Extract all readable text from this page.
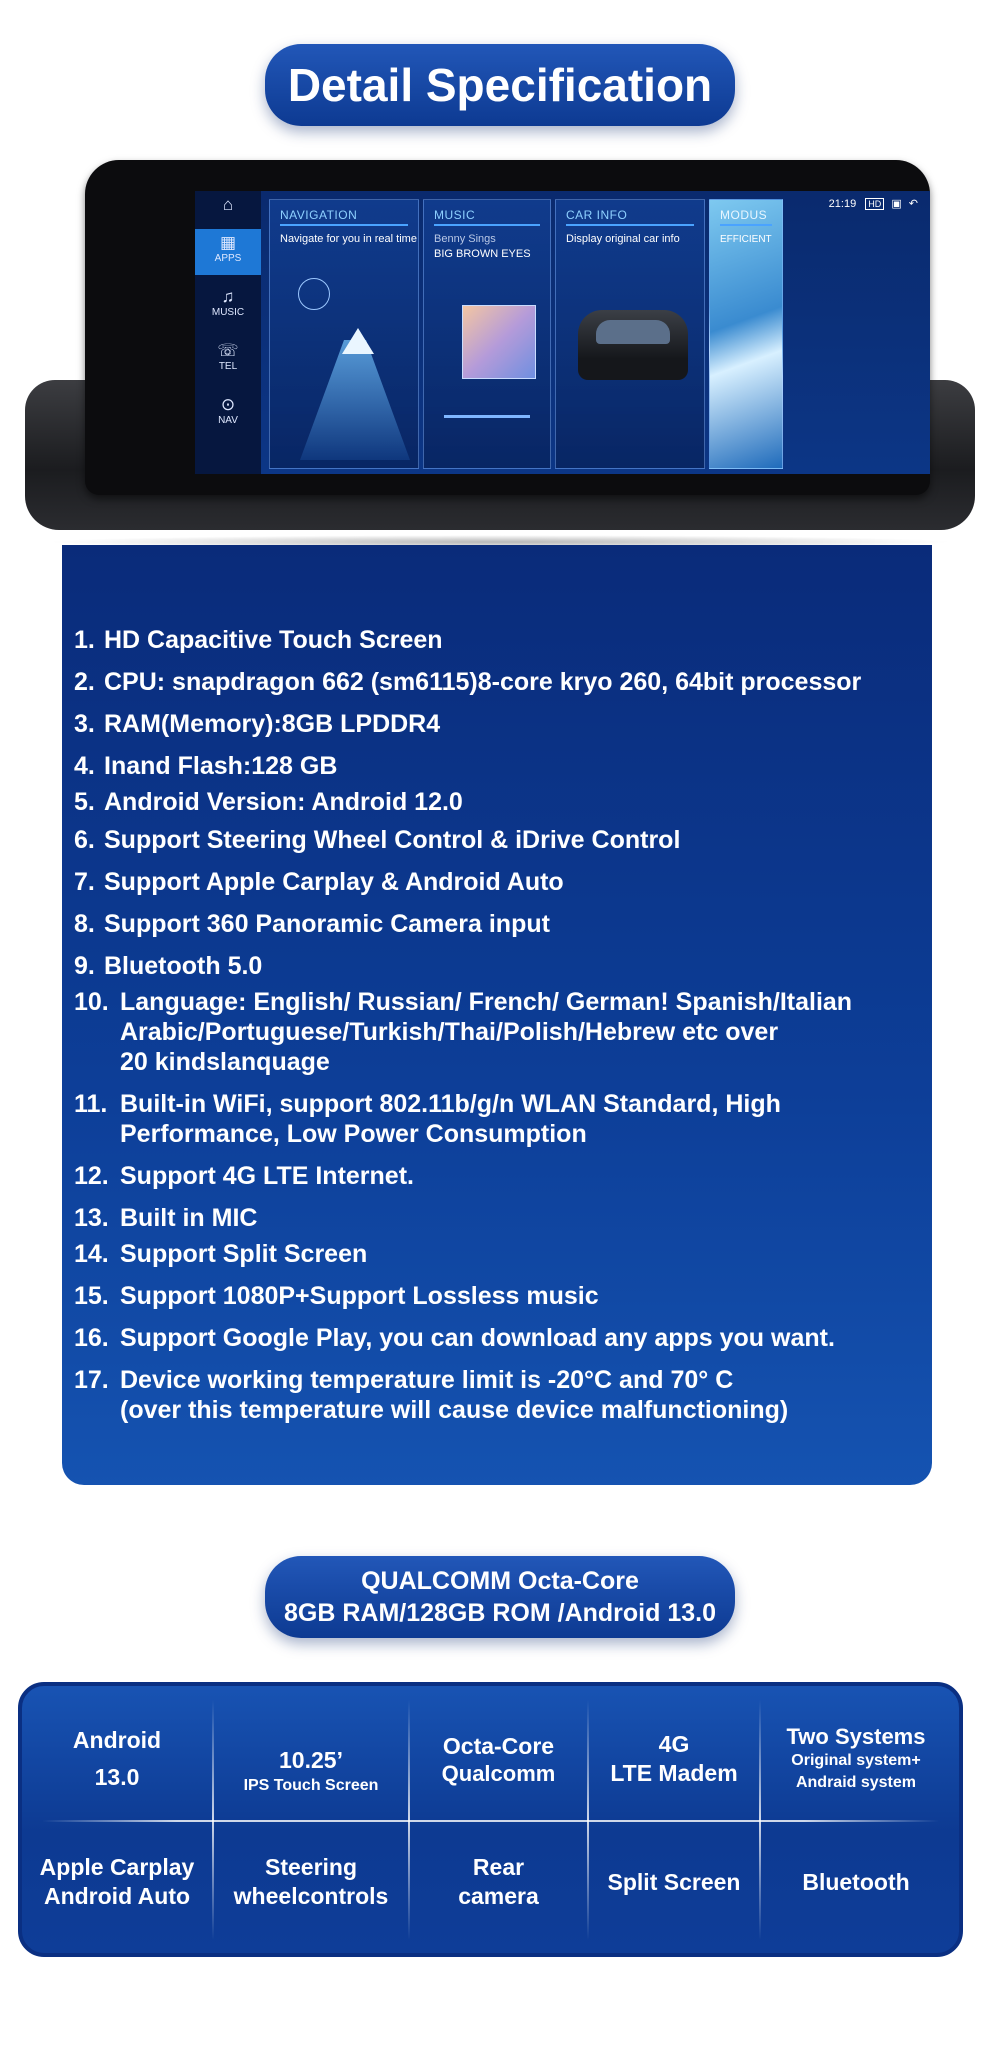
Detail Specification
⌂
▦
APPS
♫
MUSIC
☏
TEL
⊙
NAV
21:19 HD ▣ ↶
NAVIGATION
Navigate for you in real time
MUSIC
Benny Sings
BIG BROWN EYES
CAR INFO
Display original car info
MODUS
EFFICIENT
1. HD Capacitive Touch Screen
2. CPU: snapdragon 662 (sm6115)8-core kryo 260, 64bit processor
3. RAM(Memory):8GB LPDDR4
4. Inand Flash:128 GB
5. Android Version: Android 12.0
6. Support Steering Wheel Control & iDrive Control
7. Support Apple Carplay & Android Auto
8. Support 360 Panoramic Camera input
9. Bluetooth 5.0
10. Language: English/ Russian/ French/ German! Spanish/Italian
Arabic/Portuguese/Turkish/Thai/Polish/Hebrew etc over
20 kindslanquage
11. Built-in WiFi, support 802.11b/g/n WLAN Standard, High
Performance, Low Power Consumption
12. Support 4G LTE Internet.
13. Built in MIC
14. Support Split Screen
15. Support 1080P+Support Lossless music
16. Support Google Play, you can download any apps you want.
17. Device working temperature limit is -20°C and 70° C
(over this temperature will cause device malfunctioning)
QUALCOMM Octa-Core
8GB RAM/128GB ROM /Android 13.0
Android
13.0
10.25’
IPS Touch Screen
Octa-Core
Qualcomm
4G
LTE Madem
Two Systems
Original system+
Andraid system
Apple Carplay
Android Auto
Steering
wheelcontrols
Rear
camera
Split Screen	Bluetooth
